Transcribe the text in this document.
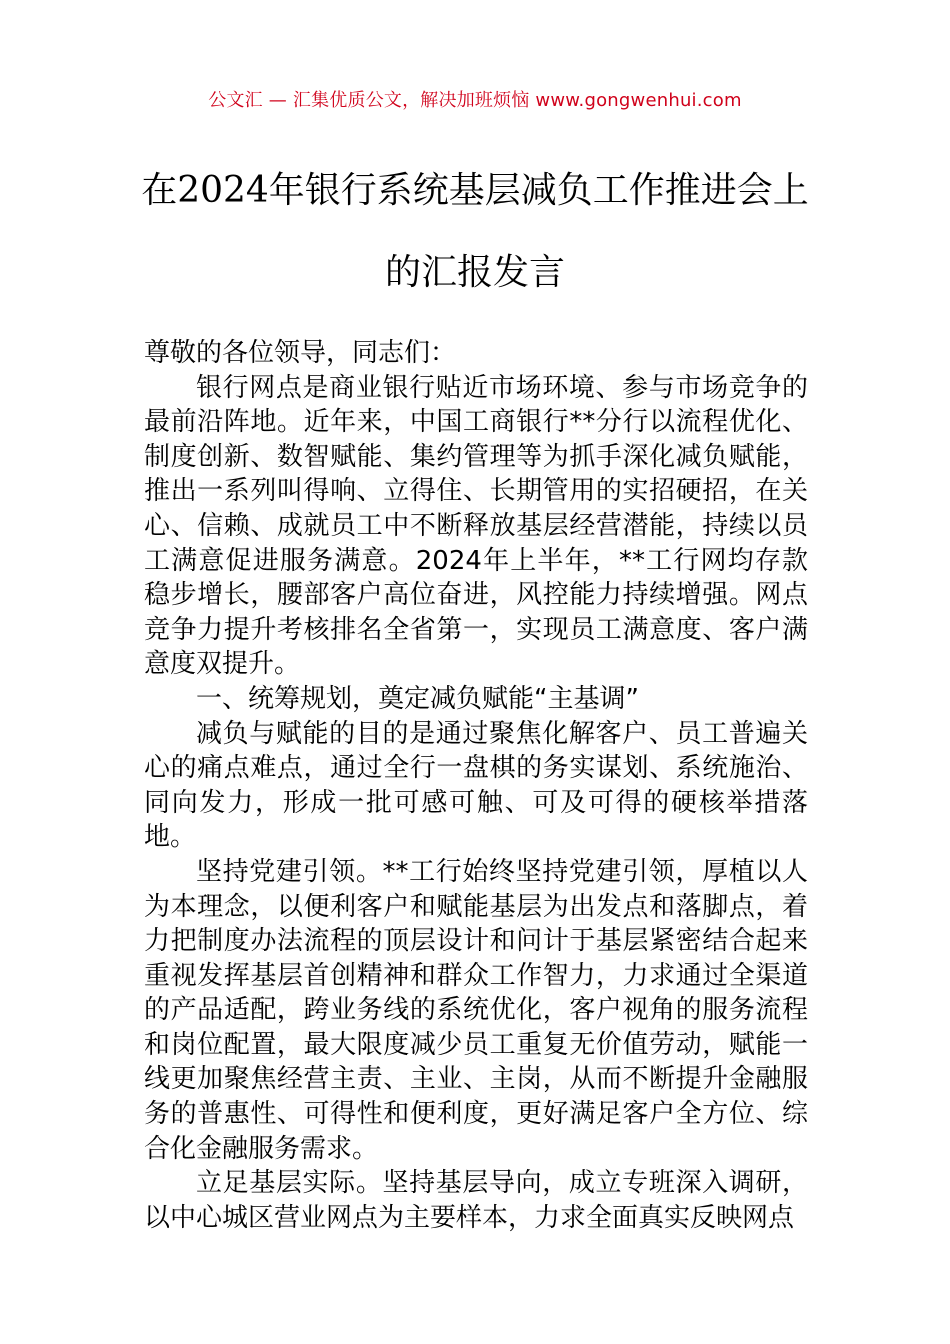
公文汇 — 汇集优质公文，解决加班烦恼 www.gongwenhui.com
在2024年银行系统基层减负工作推进会上
的汇报发言

尊敬的各位领导，同志们：

银行网点是商业银行贴近市场环境、参与市场竞争的最前沿阵地。近年来，中国工商银行**分行以流程优化、制度创新、数智赋能、集约管理等为抓手深化减负赋能，推出一系列叫得响、立得住、长期管用的实招硬招，在关心、信赖、成就员工中不断释放基层经营潜能，持续以员工满意促进服务满意。2024年上半年，**工行网均存款稳步增长，腰部客户高位奋进，风控能力持续增强。网点竞争力提升考核排名全省第一，实现员工满意度、客户满意度双提升。

一、统筹规划，奠定减负赋能“主基调”

减负与赋能的目的是通过聚焦化解客户、员工普遍关心的痛点难点，通过全行一盘棋的务实谋划、系统施治、同向发力，形成一批可感可触、可及可得的硬核举措落地。

坚持党建引领。**工行始终坚持党建引领，厚植以人为本理念，以便利客户和赋能基层为出发点和落脚点，着力把制度办法流程的顶层设计和问计于基层紧密结合起来重视发挥基层首创精神和群众工作智力，力求通过全渠道的产品适配，跨业务线的系统优化，客户视角的服务流程和岗位配置，最大限度减少员工重复无价值劳动，赋能一线更加聚焦经营主责、主业、主岗，从而不断提升金融服务的普惠性、可得性和便利度，更好满足客户全方位、综合化金融服务需求。

立足基层实际。坚持基层导向，成立专班深入调研，以中心城区营业网点为主要样本，力求全面真实反映网点
